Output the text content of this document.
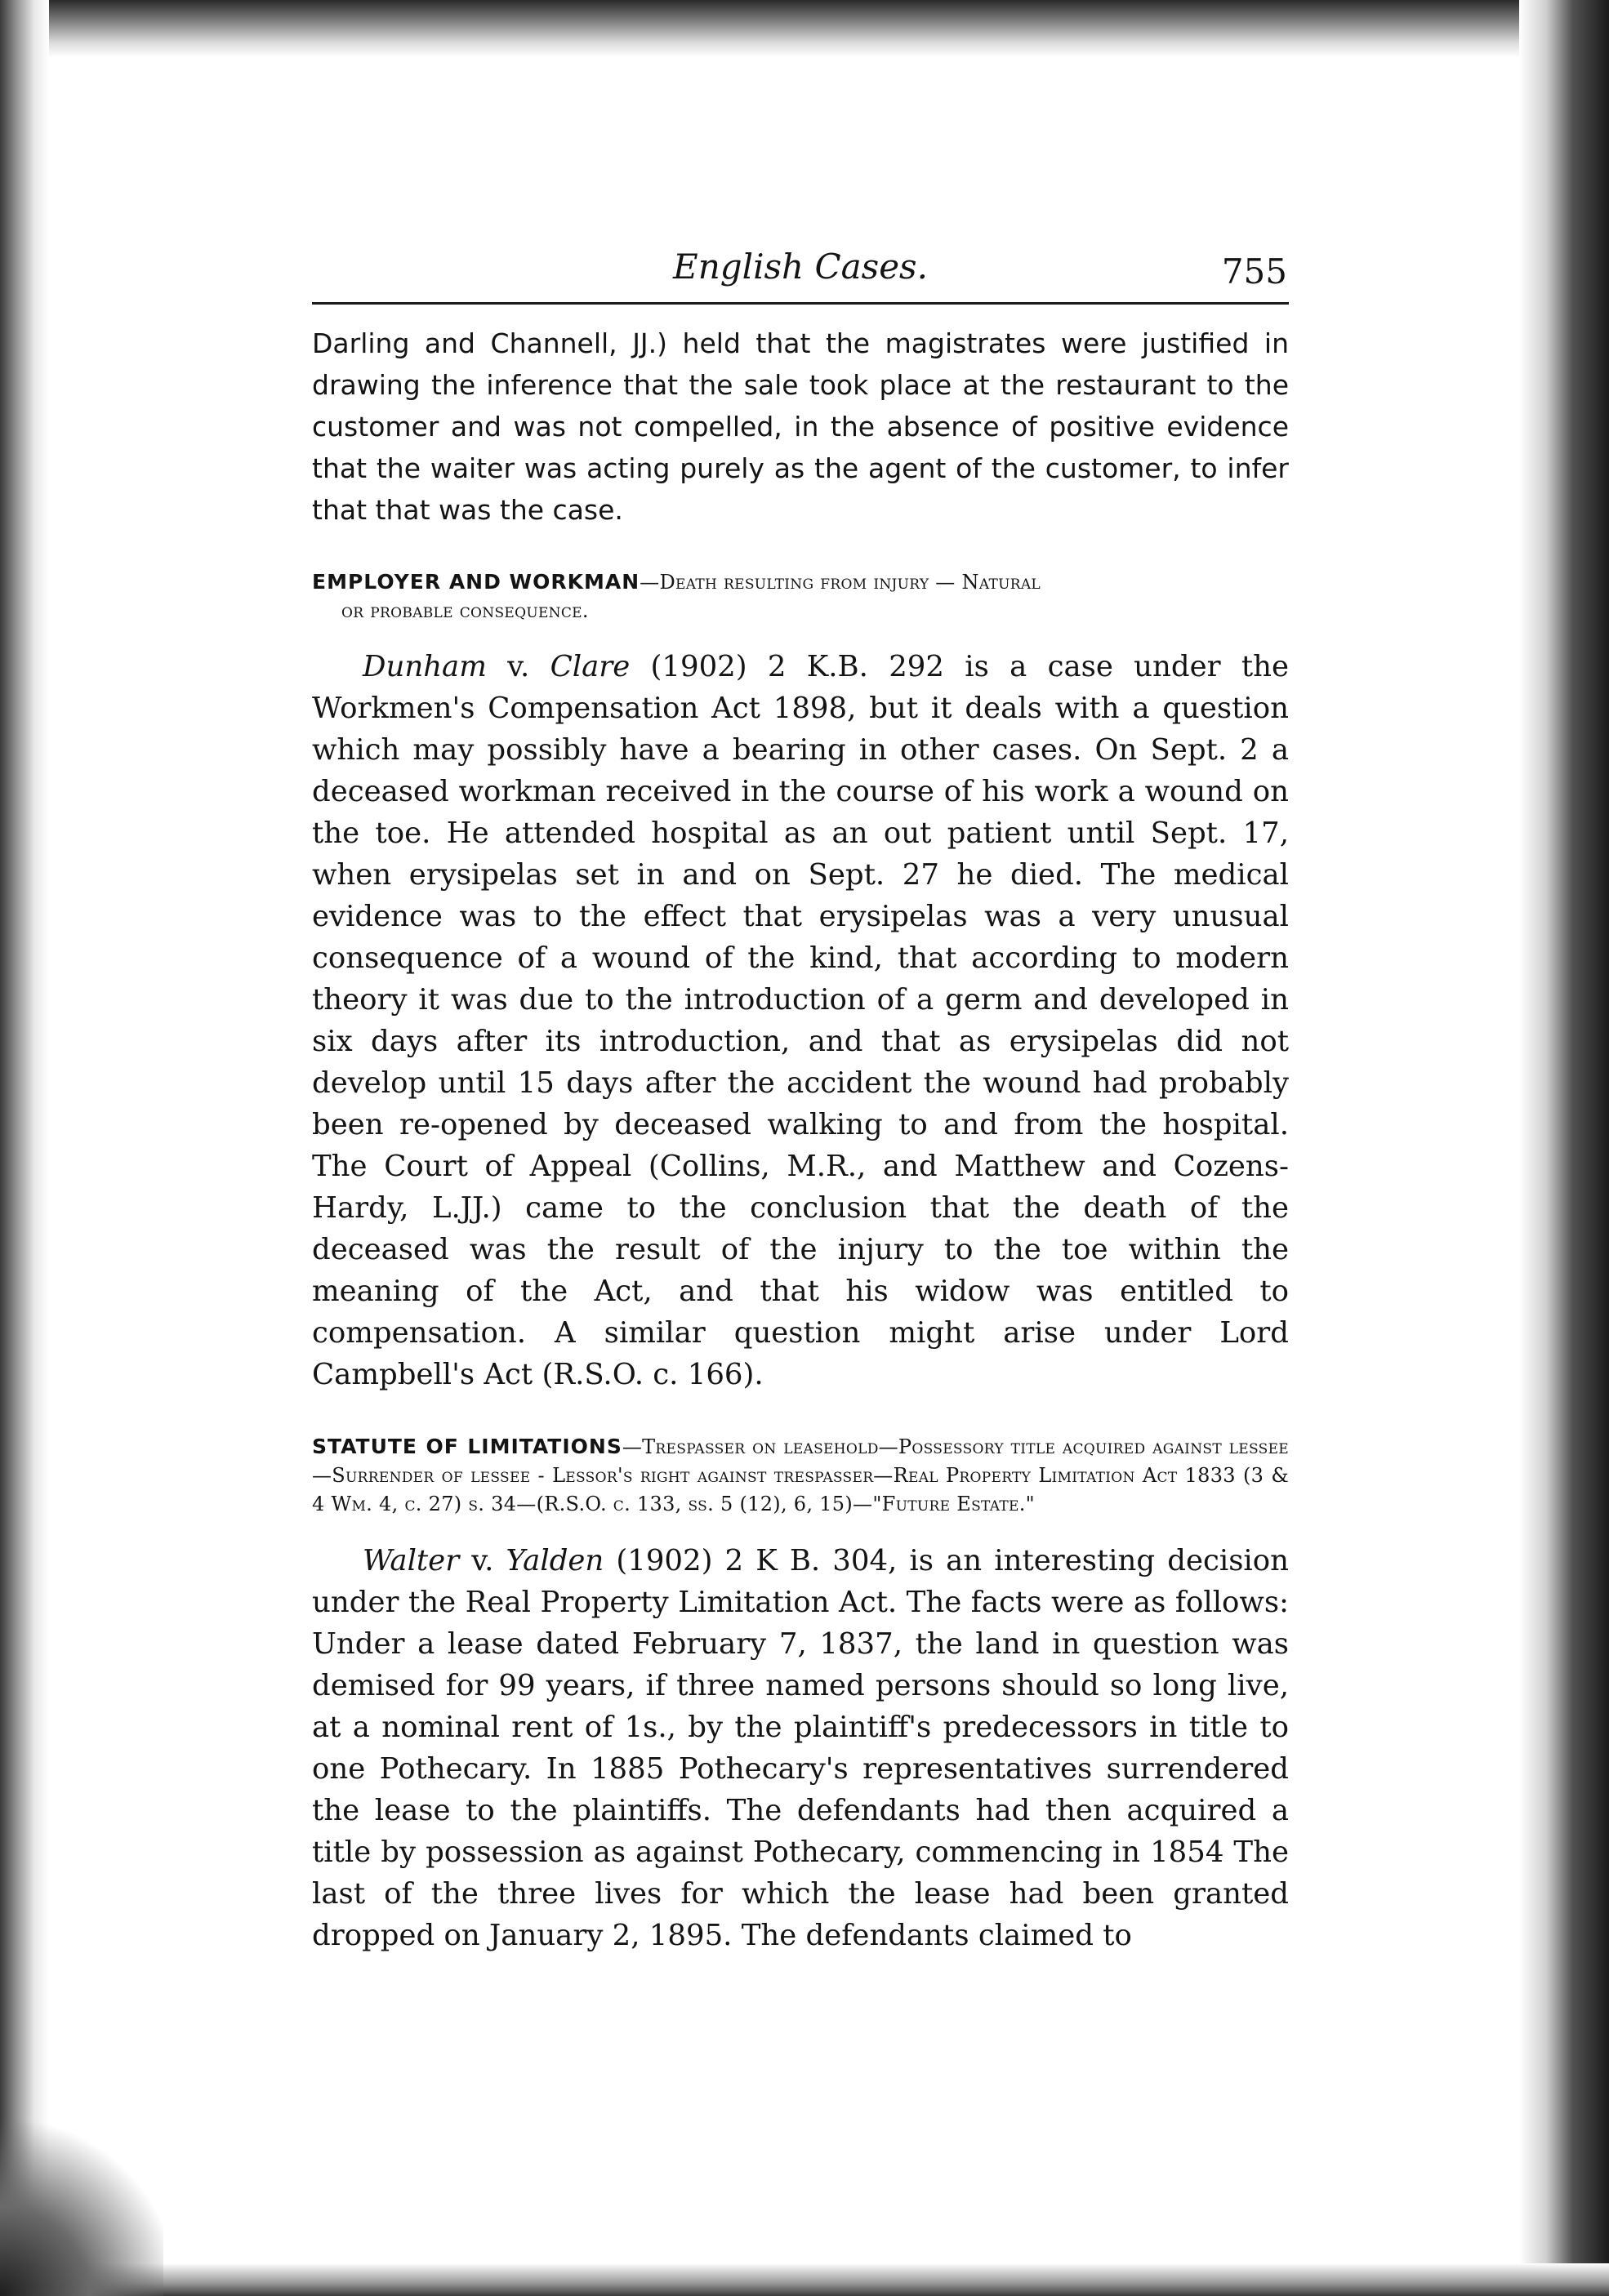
English Cases.	755

Darling and Channell, JJ.) held that the magistrates were justified in drawing the inference that the sale took place at the restaurant to the customer and was not compelled, in the absence of positive evidence that the waiter was acting purely as the agent of the customer, to infer that that was the case.

EMPLOYER AND WORKMAN—Death resulting from injury — Natural
or probable consequence.

Dunham v. Clare (1902) 2 K.B. 292 is a case under the Workmen's Compensation Act 1898, but it deals with a question which may possibly have a bearing in other cases. On Sept. 2 a deceased workman received in the course of his work a wound on the toe. He attended hospital as an out patient until Sept. 17, when erysipelas set in and on Sept. 27 he died. The medical evidence was to the effect that erysipelas was a very unusual consequence of a wound of the kind, that according to modern theory it was due to the introduction of a germ and developed in six days after its introduction, and that as erysipelas did not develop until 15 days after the accident the wound had probably been re-opened by deceased walking to and from the hospital. The Court of Appeal (Collins, M.R., and Matthew and Cozens-Hardy, L.JJ.) came to the conclusion that the death of the deceased was the result of the injury to the toe within the meaning of the Act, and that his widow was entitled to compensation. A similar question might arise under Lord Campbell's Act (R.S.O. c. 166).

STATUTE OF LIMITATIONS—Trespasser on leasehold—Possessory title acquired against lessee—Surrender of lessee - Lessor's right against trespasser—Real Property Limitation Act 1833 (3 & 4 Wm. 4, c. 27) s. 34—(R.S.O. c. 133, ss. 5 (12), 6, 15)—"Future Estate."

Walter v. Yalden (1902) 2 K B. 304, is an interesting decision under the Real Property Limitation Act. The facts were as follows: Under a lease dated February 7, 1837, the land in question was demised for 99 years, if three named persons should so long live, at a nominal rent of 1s., by the plaintiff's predecessors in title to one Pothecary. In 1885 Pothecary's representatives surrendered the lease to the plaintiffs. The defendants had then acquired a title by possession as against Pothecary, commencing in 1854 The last of the three lives for which the lease had been granted dropped on January 2, 1895. The defendants claimed to
